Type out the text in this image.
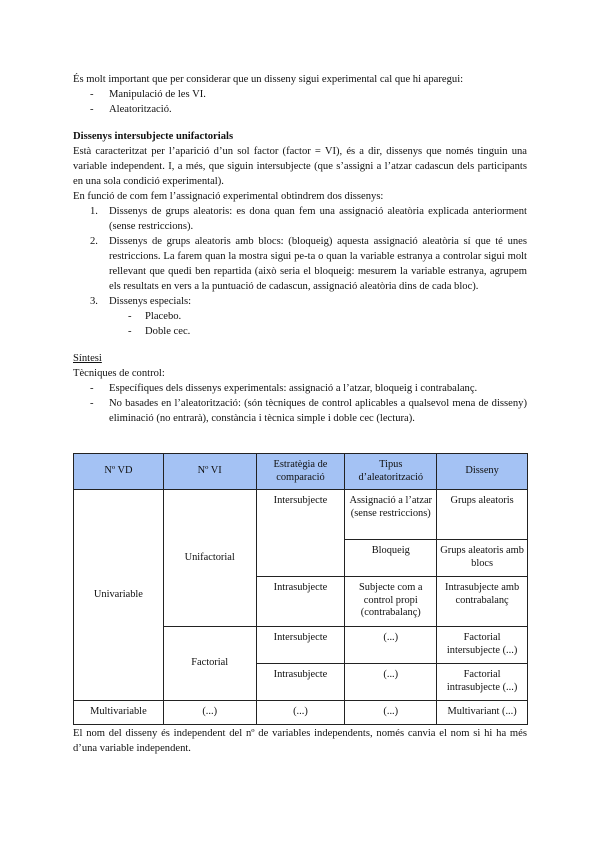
És molt important que per considerar que un disseny sigui experimental cal que hi aparegui:

- Manipulació de les VI.
- Aleatorització.

Dissenys intersubjecte unifactorials

Està caracteritzat per l’aparició d’un sol factor (factor = VI), és a dir, dissenys que només tinguin una variable independent. I, a més, que siguin intersubjecte (que s’assigni a l’atzar cadascun dels participants en una sola condició experimental).

En funció de com fem l’assignació experimental obtindrem dos dissenys:

1. Dissenys de grups aleatoris: es dona quan fem una assignació aleatòria explicada anteriorment (sense restriccions).
2. Dissenys de grups aleatoris amb blocs: (bloqueig) aquesta assignació aleatòria sí que té unes restriccions. La farem quan la mostra sigui pe-ta o quan la variable estranya a controlar sigui molt rellevant que quedi ben repartida (això seria el bloqueig: mesurem la variable estranya, agrupem els resultats en vers a la puntuació de cadascun, assignació aleatòria dins de cada bloc).
3. Dissenys especials:
- Placebo.
- Doble cec.

Síntesi

Tècniques de control:

- Específiques dels dissenys experimentals: assignació a l’atzar, bloqueig i contrabalanç.
- No basades en l’aleatorització: (són tècniques de control aplicables a qualsevol mena de disseny) eliminació (no entrarà), constància i tècnica simple i doble cec (lectura).
Nº VD	Nº VI	Estratègia de comparació	Tipus d’aleatorització	Disseny
Univariable	Unifactorial	Intersubjecte	Assignació a l’atzar (sense restriccions)	Grups aleatoris
			Bloqueig	Grups aleatoris amb blocs
		Intrasubjecte	Subjecte com a control propi (contrabalanç)	Intrasubjecte amb contrabalanç
	Factorial	Intersubjecte	(...)	Factorial intersubjecte (...)
		Intrasubjecte	(...)	Factorial intrasubjecte (...)
Multivariable	(...)	(...)	(...)	Multivariant (...)

El nom del disseny és independent del nº de variables independents, només canvia el nom si hi ha més d’una variable independent.
